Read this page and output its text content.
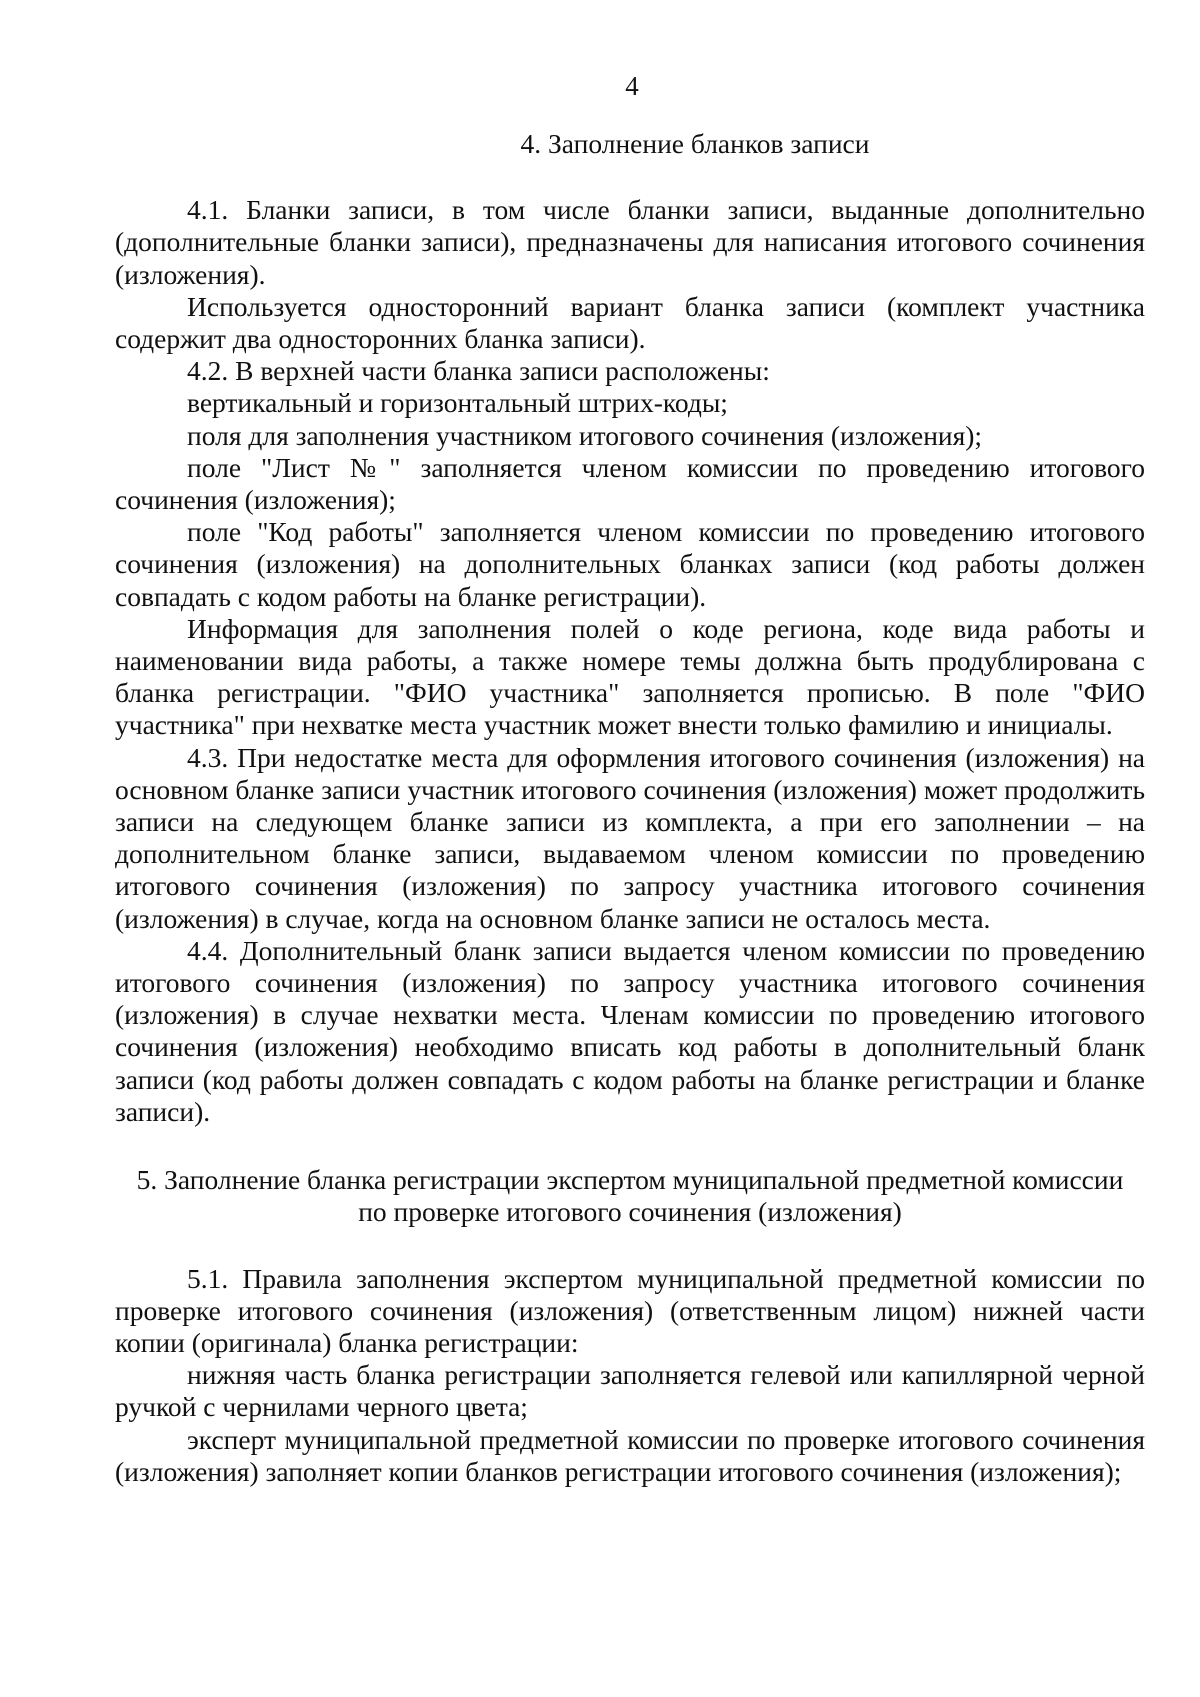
4

4. Заполнение бланков записи

4.1. Бланки записи, в том числе бланки записи, выданные дополнительно (дополнительные бланки записи), предназначены для написания итогового сочинения (изложения).

Используется односторонний вариант бланка записи (комплект участника содержит два односторонних бланка записи).

4.2. В верхней части бланка записи расположены:

вертикальный и горизонтальный штрих-коды;

поля для заполнения участником итогового сочинения (изложения);

поле "Лист №" заполняется членом комиссии по проведению итогового сочинения (изложения);

поле "Код работы" заполняется членом комиссии по проведению итогового сочинения (изложения) на дополнительных бланках записи (код работы должен совпадать с кодом работы на бланке регистрации).

Информация для заполнения полей о коде региона, коде вида работы и наименовании вида работы, а также номере темы должна быть продублирована с бланка регистрации. "ФИО участника" заполняется прописью. В поле "ФИО участника" при нехватке места участник может внести только фамилию и инициалы.

4.3. При недостатке места для оформления итогового сочинения (изложения) на основном бланке записи участник итогового сочинения (изложения) может продолжить записи на следующем бланке записи из комплекта, а при его заполнении – на дополнительном бланке записи, выдаваемом членом комиссии по проведению итогового сочинения (изложения) по запросу участника итогового сочинения (изложения) в случае, когда на основном бланке записи не осталось места.

4.4. Дополнительный бланк записи выдается членом комиссии по проведению итогового сочинения (изложения) по запросу участника итогового сочинения (изложения) в случае нехватки места. Членам комиссии по проведению итогового сочинения (изложения) необходимо вписать код работы в дополнительный бланк записи (код работы должен совпадать с кодом работы на бланке регистрации и бланке записи).

5. Заполнение бланка регистрации экспертом муниципальной предметной комиссии
по проверке итогового сочинения (изложения)

5.1. Правила заполнения экспертом муниципальной предметной комиссии по проверке итогового сочинения (изложения) (ответственным лицом) нижней части копии (оригинала) бланка регистрации:

нижняя часть бланка регистрации заполняется гелевой или капиллярной черной ручкой с чернилами черного цвета;

эксперт муниципальной предметной комиссии по проверке итогового сочинения (изложения) заполняет копии бланков регистрации итогового сочинения (изложения);
